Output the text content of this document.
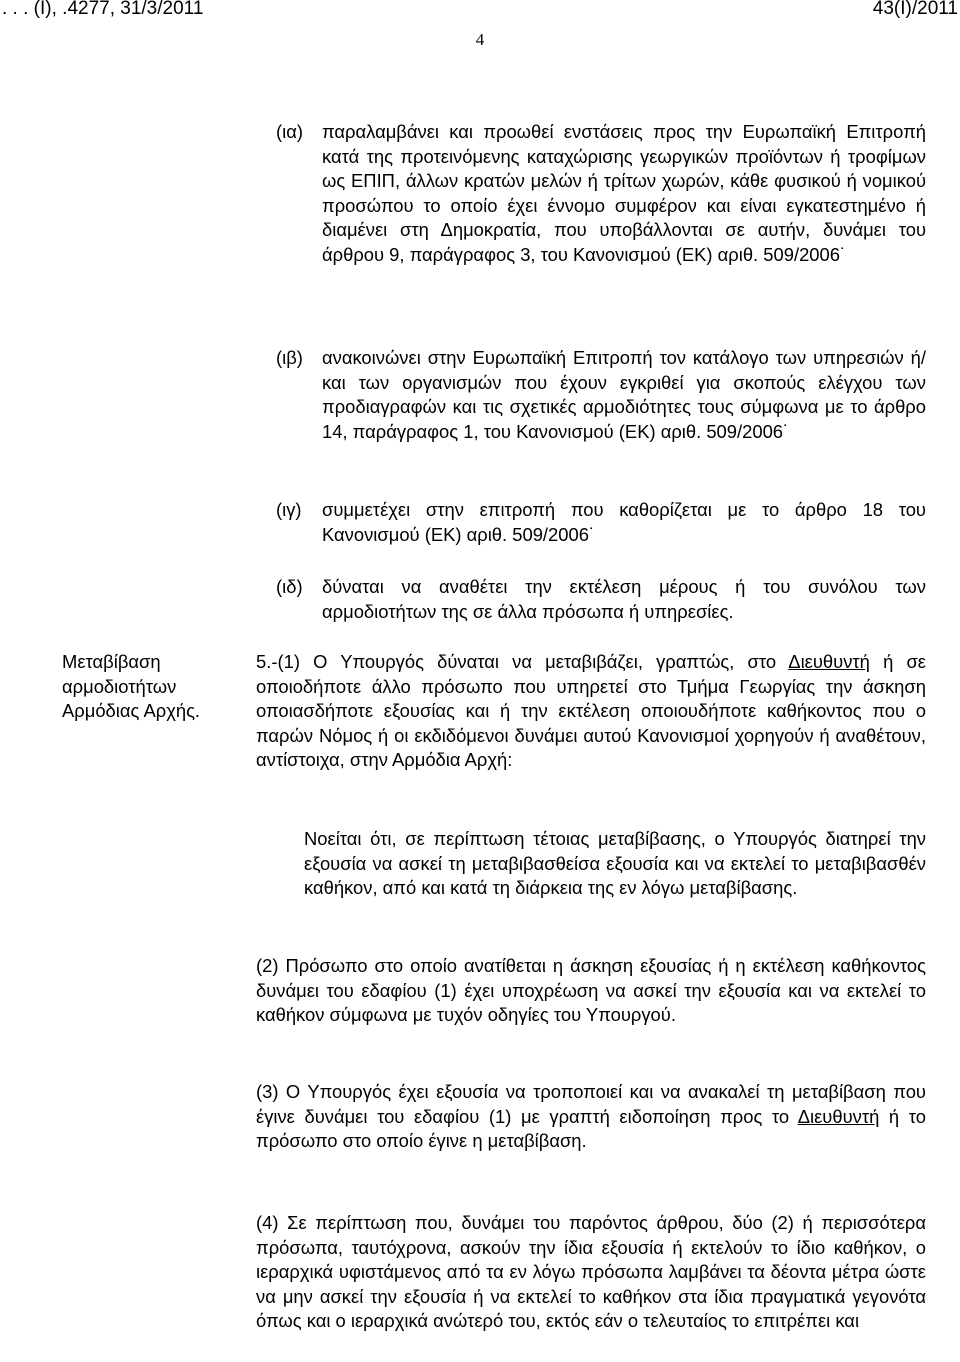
. . . (Ι), .4277, 31/3/2011	43(Ι)/2011
4
(ια)	παραλαμβάνει και προωθεί ενστάσεις προς την Ευρωπαϊκή Επιτροπή κατά της προτεινόμενης καταχώρισης γεωργικών προϊόντων ή τροφίμων ως ΕΠΙΠ, άλλων κρατών μελών ή τρίτων χωρών, κάθε φυσικού ή νομικού προσώπου το οποίο έχει έννομο συμφέρον και είναι εγκατεστημένο ή διαμένει στη Δημοκρατία, που υποβάλλονται σε αυτήν, δυνάμει του άρθρου 9, παράγραφος 3, του Κανονισμού (ΕΚ) αριθ. 509/2006˙
(ιβ)	ανακοινώνει στην Ευρωπαϊκή Επιτροπή τον κατάλογο των υπηρεσιών ή/και των οργανισμών που έχουν εγκριθεί για σκοπούς ελέγχου των προδιαγραφών και τις σχετικές αρμοδιότητες τους σύμφωνα με το άρθρο 14, παράγραφος 1, του Κανονισμού (ΕΚ) αριθ. 509/2006˙
(ιγ)	συμμετέχει στην επιτροπή που καθορίζεται με το άρθρο 18 του Κανονισμού (ΕΚ) αριθ. 509/2006˙
(ιδ)	δύναται να αναθέτει την εκτέλεση μέρους ή του συνόλου των αρμοδιοτήτων της σε άλλα πρόσωπα ή υπηρεσίες.
Μεταβίβαση
αρμοδιοτήτων
Αρμόδιας Αρχής.
5.-(1) Ο Υπουργός δύναται να μεταβιβάζει, γραπτώς, στο Διευθυντή ή σε οποιοδήποτε άλλο πρόσωπο που υπηρετεί στο Τμήμα Γεωργίας την άσκηση οποιασδήποτε εξουσίας και ή την εκτέλεση οποιουδήποτε καθήκοντος που ο παρών Νόμος ή οι εκδιδόμενοι δυνάμει αυτού Κανονισμοί χορηγούν ή αναθέτουν, αντίστοιχα, στην Αρμόδια Αρχή:
Νοείται ότι, σε περίπτωση τέτοιας μεταβίβασης, ο Υπουργός διατηρεί την εξουσία να ασκεί τη μεταβιβασθείσα εξουσία και να εκτελεί το μεταβιβασθέν καθήκον, από και κατά τη διάρκεια της εν λόγω μεταβίβασης.
(2) Πρόσωπο στο οποίο ανατίθεται η άσκηση εξουσίας ή η εκτέλεση καθήκοντος δυνάμει του εδαφίου (1) έχει υποχρέωση να ασκεί την εξουσία και να εκτελεί το καθήκον σύμφωνα με τυχόν οδηγίες του Υπουργού.
(3) Ο Υπουργός έχει εξουσία να τροποποιεί και να ανακαλεί τη μεταβίβαση που έγινε δυνάμει του εδαφίου (1) με γραπτή ειδοποίηση προς το Διευθυντή ή το πρόσωπο στο οποίο έγινε η μεταβίβαση.
(4) Σε περίπτωση που, δυνάμει του παρόντος άρθρου, δύο (2) ή περισσότερα πρόσωπα, ταυτόχρονα, ασκούν την ίδια εξουσία ή εκτελούν το ίδιο καθήκον, ο ιεραρχικά υφιστάμενος από τα εν λόγω πρόσωπα λαμβάνει τα δέοντα μέτρα ώστε να μην ασκεί την εξουσία ή να εκτελεί το καθήκον στα ίδια πραγματικά γεγονότα όπως και ο ιεραρχικά ανώτερό του, εκτός εάν ο τελευταίος το επιτρέπει και
